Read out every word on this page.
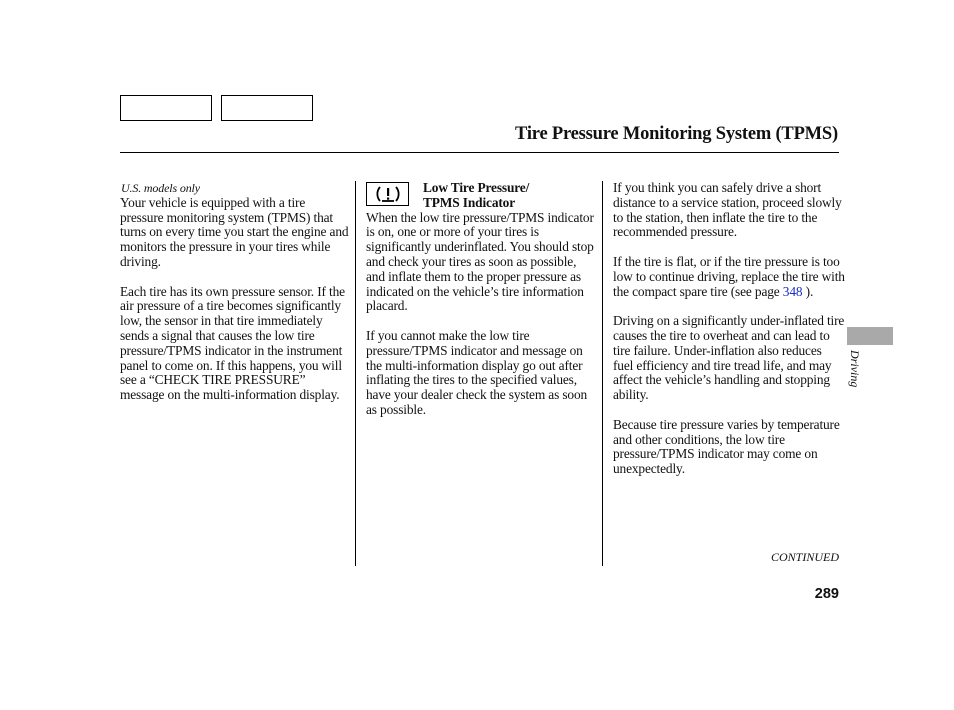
Tire Pressure Monitoring System (TPMS)
U.S. models only

Your vehicle is equipped with a tire pressure monitoring system (TPMS) that turns on every time you start the engine and monitors the pressure in your tires while driving.

Each tire has its own pressure sensor. If the air pressure of a tire becomes significantly low, the sensor in that tire immediately sends a signal that causes the low tire pressure/TPMS indicator in the instrument panel to come on. If this happens, you will see a “CHECK TIRE PRESSURE” message on the multi-information display.

Low Tire Pressure/
TPMS Indicator

When the low tire pressure/TPMS indicator is on, one or more of your tires is significantly underinflated. You should stop and check your tires as soon as possible, and inflate them to the proper pressure as indicated on the vehicle’s tire information placard.

If you cannot make the low tire pressure/TPMS indicator and message on the multi-information display go out after inflating the tires to the specified values, have your dealer check the system as soon as possible.

If you think you can safely drive a short distance to a service station, proceed slowly to the station, then inflate the tire to the recommended pressure.

If the tire is flat, or if the tire pressure is too low to continue driving, replace the tire with the compact spare tire (see page 348 ).

Driving on a significantly under-inflated tire causes the tire to overheat and can lead to tire failure. Under-inflation also reduces fuel efficiency and tire tread life, and may affect the vehicle’s handling and stopping ability.

Because tire pressure varies by temperature and other conditions, the low tire pressure/TPMS indicator may come on unexpectedly.

CONTINUED
289
Driving
